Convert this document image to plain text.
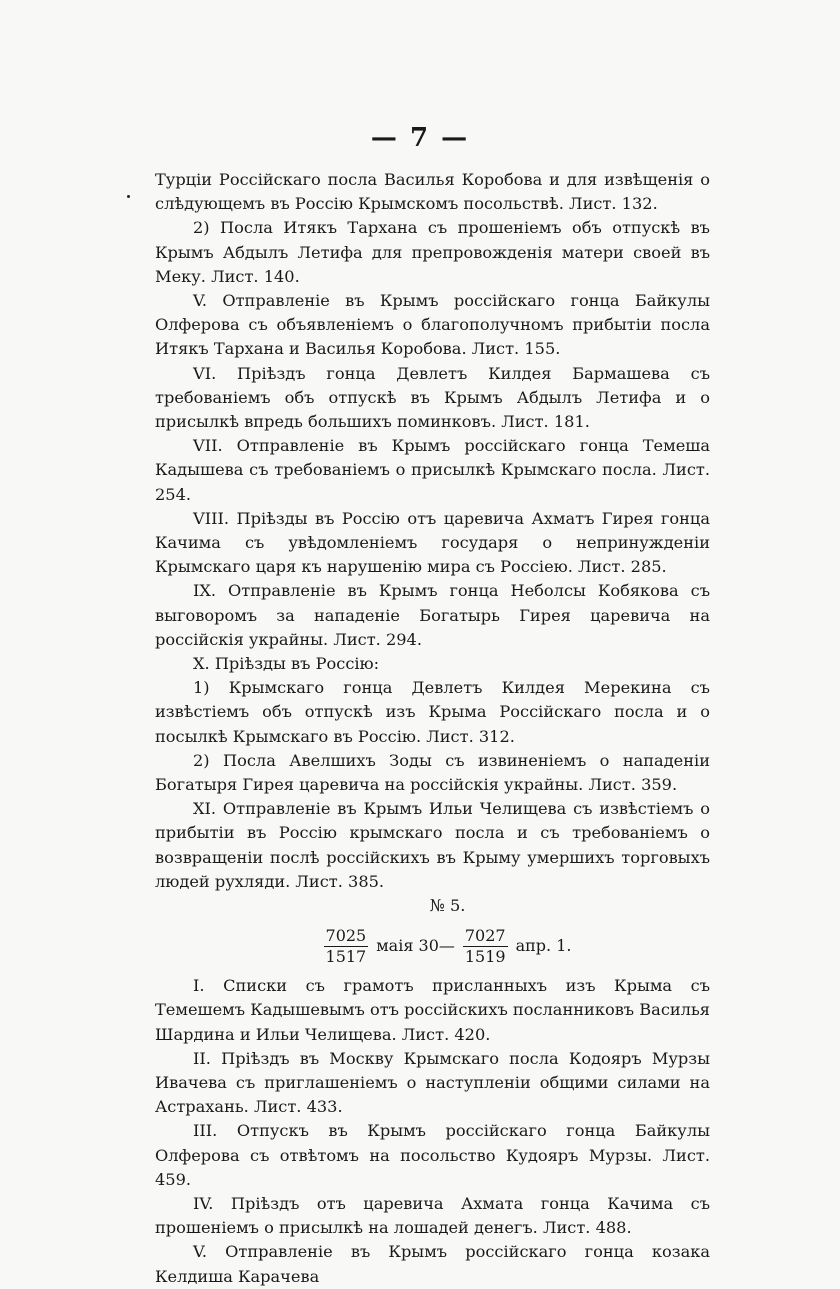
— 7 —

Турціи Россійскаго посла Василья Коробова и для извѣщенія о слѣдующемъ въ Россію Крымскомъ посольствѣ. Лист. 132.

2) Посла Итякъ Тархана съ прошеніемъ объ отпускѣ въ Крымъ Абдылъ Летифа для препровожденія матери своей въ Меку. Лист. 140.

V. Отправленіе въ Крымъ россійскаго гонца Байкулы Олферова съ объявленіемъ о благополучномъ прибытіи посла Итякъ Тархана и Василья Коробова. Лист. 155.

VI. Пріѣздъ гонца Девлетъ Килдея Бармашева съ требованіемъ объ отпускѣ въ Крымъ Абдылъ Летифа и о присылкѣ впредь большихъ поминковъ. Лист. 181.

VII. Отправленіе въ Крымъ россійскаго гонца Темеша Кадышева съ требованіемъ о присылкѣ Крымскаго посла. Лист. 254.

VIII. Пріѣзды въ Россію отъ царевича Ахматъ Гирея гонца Качима съ увѣдомленіемъ государя о непринужденіи Крымскаго царя къ нарушенію мира съ Россіею. Лист. 285.

IX. Отправленіе въ Крымъ гонца Неболсы Кобякова съ выговоромъ за нападеніе Богатырь Гирея царевича на россійскія украйны. Лист. 294.

X. Пріѣзды въ Россію:

1) Крымскаго гонца Девлетъ Килдея Мерекина съ извѣстіемъ объ отпускѣ изъ Крыма Россійскаго посла и о посылкѣ Крымскаго въ Россію. Лист. 312.

2) Посла Авелшихъ Зоды съ извиненіемъ о нападеніи Богатыря Гирея царевича на россійскія украйны. Лист. 359.

XI. Отправленіе въ Крымъ Ильи Челищева съ извѣстіемъ о прибытіи въ Россію крымскаго посла и съ требованіемъ о возвращеніи послѣ россійскихъ въ Крыму умершихъ торговыхъ людей рухляди. Лист. 385.

№ 5.

$\frac{7025}{1517}$ маія 30— $\frac{7027}{1519}$ апр. 1.

I. Списки съ грамотъ присланныхъ изъ Крыма съ Темешемъ Кадышевымъ отъ россійскихъ посланниковъ Василья Шардина и Ильи Челищева. Лист. 420.

II. Пріѣздъ въ Москву Крымскаго посла Кодояръ Мурзы Ивачева съ приглашеніемъ о наступленіи общими силами на Астрахань. Лист. 433.

III. Отпускъ въ Крымъ россійскаго гонца Байкулы Олферова съ отвѣтомъ на посольство Кудояръ Мурзы. Лист. 459.

IV. Пріѣздъ отъ царевича Ахмата гонца Качима съ прошеніемъ о присылкѣ на лошадей денегъ. Лист. 488.

V. Отправленіе въ Крымъ россійскаго гонца козака Келдиша Карачева
